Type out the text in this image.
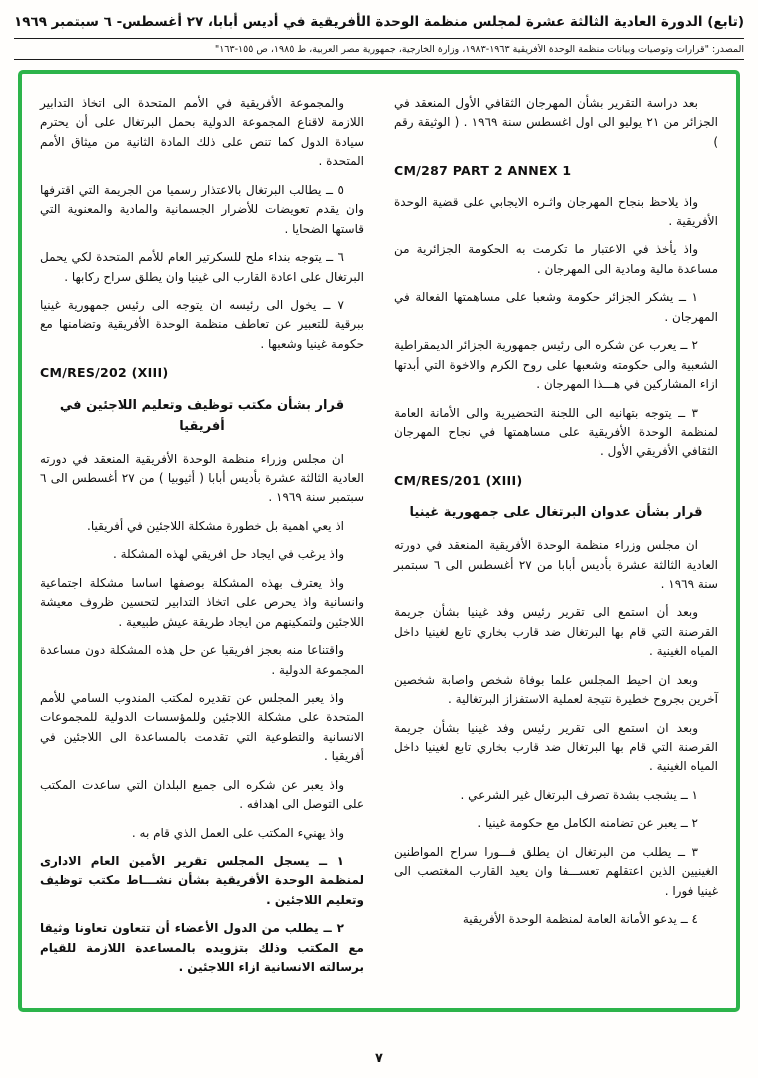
(تابع) الدورة العادية الثالثة عشرة لمجلس منظمة الوحدة الأفريقية في أديس أبابا، ٢٧ أغسطس- ٦ سبتمبر ١٩٦٩
المصدر: "قرارات وتوصيات وبيانات منظمة الوحدة الأفريقية ١٩٦٣-١٩٨٣، وزارة الخارجية، جمهورية مصر العربية، ط ١٩٨٥، ص ١٥٥-١٦٣"
بعد دراسة التقرير بشأن المهرجان الثقافي الأول المنعقد في الجزائر من ٢١ يوليو الى اول اغسطس سنة ١٩٦٩ . ( الوثيقة رقم )
CM/287 PART 2 ANNEX 1
واذ يلاحظ بنجاح المهرجان واثـره الايجابي على قضية الوحدة الأفريقية .
واذ يأخذ في الاعتبار ما تكرمت به الحكومة الجزائرية من مساعدة مالية ومادية الى المهرجان .
١ ــ يشكر الجزائر حكومة وشعبا على مساهمتها الفعالة في المهرجان .
٢ ــ يعرب عن شكره الى رئيس جمهورية الجزائر الديمقراطية الشعبية والى حكومته وشعبها على روح الكرم والاخوة التي أبدتها ازاء المشاركين في هـــذا المهرجان .
٣ ــ يتوجه بتهانيه الى اللجنة التحضيرية والى الأمانة العامة لمنظمة الوحدة الأفريقية على مساهمتها في نجاح المهرجان الثقافي الأفريقي الأول .
CM/RES/201 (XIII)
قرار بشأن عدوان البرتغال على جمهورية غينيا
ان مجلس وزراء منظمة الوحدة الأفريقية المنعقد في دورته العادية الثالثة عشرة بأديس أبابا من ٢٧ أغسطس الى ٦ سبتمبر سنة ١٩٦٩ .
وبعد أن استمع الى تقرير رئيس وفد غينيا بشأن جريمة القرصنة التي قام بها البرتغال ضد قارب بخاري تابع لغينيا داخل المياه الغينية .
وبعد ان احيط المجلس علما بوفاة شخص واصابة شخصين آخرين بجروح خطيرة نتيجة لعملية الاستفزاز البرتغالية .
وبعد ان استمع الى تقرير رئيس وفد غينيا بشأن جريمة القرصنة التي قام بها البرتغال ضد قارب بخاري تابع لغينيا داخل المياه الغينية .
١ ــ يشجب بشدة تصرف البرتغال غير الشرعي .
٢ ــ يعبر عن تضامنه الكامل مع حكومة غينيا .
٣ ــ يطلب من البرتغال ان يطلق فـــورا سراح المواطنين الغينيين الذين اعتقلهم تعســـفا وان يعيد القارب المغتصب الى غينيا فورا .
٤ ــ يدعو الأمانة العامة لمنظمة الوحدة الأفريقية
والمجموعة الأفريقية في الأمم المتحدة الى اتخاذ التدابير اللازمة لاقناع المجموعة الدولية بحمل البرتغال على أن يحترم سيادة الدول كما تنص على ذلك المادة الثانية من ميثاق الأمم المتحدة .
٥ ــ يطالب البرتغال بالاعتذار رسميا من الجريمة التي اقترفها وان يقدم تعويضات للأضرار الجسمانية والمادية والمعنوية التي قاستها الضحايا .
٦ ــ يتوجه بنداء ملح للسكرتير العام للأمم المتحدة لكي يحمل البرتغال على اعادة القارب الى غينيا وان يطلق سراح ركابها .
٧ ــ يخول الى رئيسه ان يتوجه الى رئيس جمهورية غينيا ببرقية للتعبير عن تعاطف منظمة الوحدة الأفريقية وتضامنها مع حكومة غينيا وشعبها .
CM/RES/202 (XIII)
قرار بشأن مكتب توظيف وتعليم اللاجئين في أفريقيا
ان مجلس وزراء منظمة الوحدة الأفريقية المنعقد في دورته العادية الثالثة عشرة بأديس أبابا ( أثيوبيا ) من ٢٧ أغسطس الى ٦ سبتمبر سنة ١٩٦٩ .
اذ يعي اهمية بل خطورة مشكلة اللاجئين في أفريقيا.
واذ يرغب في ايجاد حل افريقي لهذه المشكلة .
واذ يعترف بهذه المشكلة بوصفها اساسا مشكلة اجتماعية وانسانية واذ يحرص على اتخاذ التدابير لتحسين ظروف معيشة اللاجئين ولتمكينهم من ايجاد طريقة عيش طبيعية .
واقتناعا منه بعجز افريقيا عن حل هذه المشكلة دون مساعدة المجموعة الدولية .
واذ يعبر المجلس عن تقديره لمكتب المندوب السامي للأمم المتحدة على مشكلة اللاجئين وللمؤسسات الدولية للمجموعات الانسانية والتطوعية التي تقدمت بالمساعدة الى اللاجئين في أفريقيا .
واذ يعبر عن شكره الى جميع البلدان التي ساعدت المكتب على التوصل الى اهدافه .
واذ يهنيء المكتب على العمل الذي قام به .
١ ــ يسجل المجلس تقرير الأمين العام الادارى لمنظمة الوحدة الأفريقية بشأن نشـــاط مكتب توظيف وتعليم اللاجئين .
٢ ــ يطلب من الدول الأعضاء أن تتعاون تعاونا وثيقا مع المكتب وذلك بتزويده بالمساعدة اللازمة للقيام برسالته الانسانية ازاء اللاجئين .
٧
